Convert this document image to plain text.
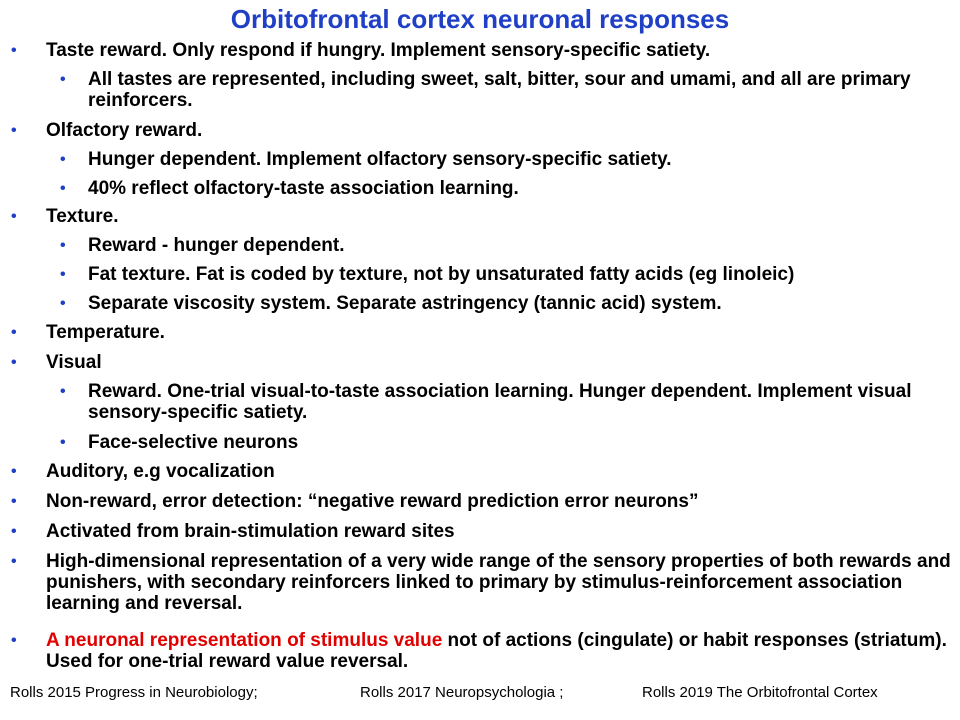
Orbitofrontal cortex neuronal responses
• Taste reward. Only respond if hungry. Implement sensory-specific satiety.
• All tastes are represented, including sweet, salt, bitter, sour and umami, and all are primary reinforcers.
• Olfactory reward.
• Hunger dependent. Implement olfactory sensory-specific satiety.
• 40% reflect olfactory-taste association learning.
• Texture.
• Reward - hunger dependent.
• Fat texture. Fat is coded by texture, not by unsaturated fatty acids (eg linoleic)
• Separate viscosity system. Separate astringency (tannic acid) system.
• Temperature.
• Visual
• Reward. One-trial visual-to-taste association learning. Hunger dependent. Implement visual sensory-specific satiety.
• Face-selective neurons
• Auditory, e.g vocalization
• Non-reward, error detection: “negative reward prediction error neurons”
• Activated from brain-stimulation reward sites
• High-dimensional representation of a very wide range of the sensory properties of both rewards and punishers, with secondary reinforcers linked to primary by stimulus-reinforcement association learning and reversal.
• A neuronal representation of stimulus value not of actions (cingulate) or habit responses (striatum). Used for one-trial reward value reversal.
Rolls 2015 Progress in Neurobiology;	Rolls 2017 Neuropsychologia ;	Rolls 2019 The Orbitofrontal Cortex
